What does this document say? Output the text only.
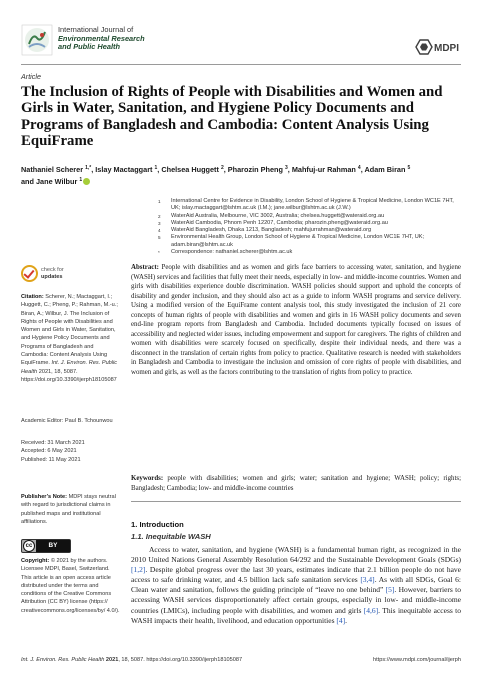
International Journal of
Environmental Research
and Public Health	MDPI
Article
The Inclusion of Rights of People with Disabilities and Women and Girls in Water, Sanitation, and Hygiene Policy Documents and Programs of Bangladesh and Cambodia: Content Analysis Using EquiFrame
Nathaniel Scherer $^{1,*}$, Islay Mactaggart $^1$, Chelsea Huggett $^2$, Pharozin Pheng $^3$, Mahfuj-ur Rahman $^4$, Adam Biran $^5$
and Jane Wilbur $^1$
1 International Centre for Evidence in Disability, London School of Hygiene & Tropical Medicine, London WC1E 7HT, UK; islay.mactaggart@lshtm.ac.uk (I.M.); jane.wilbur@lshtm.ac.uk (J.W.)
2 WaterAid Australia, Melbourne, VIC 3002, Australia; chelsea.huggett@wateraid.org.au
3 WaterAid Cambodia, Phnom Penh 12207, Cambodia; pharozin.pheng@wateraid.org.au
4 WaterAid Bangladesh, Dhaka 1213, Bangladesh; mahfujurrahman@wateraid.org
5 Environmental Health Group, London School of Hygiene & Tropical Medicine, London WC1E 7HT, UK; adam.biran@lshtm.ac.uk
* Correspondence: nathaniel.scherer@lshtm.ac.uk
check for
updates
Citation: Scherer, N.; Mactaggart, I.; Huggett, C.; Pheng, P.; Rahman, M.-u.; Biran, A.; Wilbur, J. The Inclusion of Rights of People with Disabilities and Women and Girls in Water, Sanitation, and Hygiene Policy Documents and Programs of Bangladesh and Cambodia: Content Analysis Using EquiFrame. Int. J. Environ. Res. Public Health 2021, 18, 5087. https://doi.org/10.3390/ijerph18105087
Academic Editor: Paul B. Tchounwou
Received: 31 March 2021
Accepted: 6 May 2021
Published: 11 May 2021
Publisher’s Note: MDPI stays neutral with regard to jurisdictional claims in published maps and institutional affiliations.
cc	BY
Copyright: © 2021 by the authors. Licensee MDPI, Basel, Switzerland. This article is an open access article distributed under the terms and conditions of the Creative Commons Attribution (CC BY) license (https:// creativecommons.org/licenses/by/ 4.0/).

Abstract: People with disabilities and as women and girls face barriers to accessing water, sanitation, and hygiene (WASH) services and facilities that fully meet their needs, especially in low- and middle-income countries. Women and girls with disabilities experience double discrimination. WASH policies should support and uphold the concepts of disability and gender inclusion, and they should also act as a guide to inform WASH programs and service delivery. Using a modified version of the EquiFrame content analysis tool, this study investigated the inclusion of 21 core concepts of human rights of people with disabilities and women and girls in 16 WASH policy documents and seven end-line program reports from Bangladesh and Cambodia. Included documents typically focused on issues of accessibility and neglected wider issues, including empowerment and support for caregivers. The rights of children and women with disabilities were scarcely focused on specifically, despite their individual needs, and there was a disconnect in the translation of certain rights from policy to practice. Qualitative research is needed with stakeholders in Bangladesh and Cambodia to investigate the inclusion and omission of core rights of people with disabilities, and women and girls, as well as the factors contributing to the translation of rights from policy to practice.

Keywords: people with disabilities; women and girls; water; sanitation and hygiene; WASH; policy; rights; Bangladesh; Cambodia; low- and middle-income countries

1. Introduction
1.1. Inequitable WASH

Access to water, sanitation, and hygiene (WASH) is a fundamental human right, as recognized in the 2010 United Nations General Assembly Resolution 64/292 and the Sustainable Development Goals (SDGs) [1,2]. Despite global progress over the last 30 years, estimates indicate that 2.1 billion people do not have access to safe drinking water, and 4.5 billion lack safe sanitation services [3,4]. As with all SDGs, Goal 6: Clean water and sanitation, follows the guiding principle of “leave no one behind” [5]. However, barriers to accessing WASH services disproportionately affect certain groups, especially in low- and middle-income countries (LMICs), including people with disabilities, and women and girls [4,6]. This inequitable access to WASH impacts their health, livelihood, and education opportunities [4].

Int. J. Environ. Res. Public Health 2021, 18, 5087. https://doi.org/10.3390/ijerph18105087	https://www.mdpi.com/journal/ijerph
